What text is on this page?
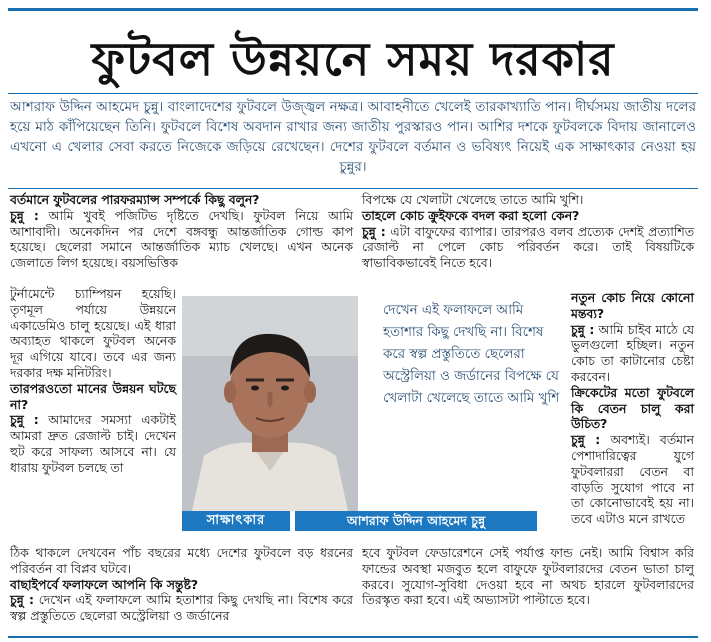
ফুটবল উন্নয়নে সময় দরকার
আশরাফ উদ্দিন আহমেদ চুন্নু। বাংলাদেশের ফুটবলে উজ্জ্বল নক্ষত্র। আবাহনীতে খেলেই তারকাখ্যাতি পান। দীর্ঘসময় জাতীয় দলের হয়ে মাঠ কাঁপিয়েছেন তিনি। ফুটবলে বিশেষ অবদান রাখার জন্য জাতীয় পুরস্কারও পান। আশির দশকে ফুটবলকে বিদায় জানালেও এখনো এ খেলার সেবা করতে নিজেকে জড়িয়ে রেখেছেন। দেশের ফুটবলে বর্তমান ও ভবিষ্যৎ নিয়েই এক সাক্ষাৎকার নেওয়া হয় চুন্নুর।

বর্তমানে ফুটবলের পারফরম্যান্স সম্পর্কে কিছু বলুন?

চুন্নু : আমি খুবই পজিটিভ দৃষ্টিতে দেখছি। ফুটবল নিয়ে আমি আশাবাদী। অনেকদিন পর দেশে বঙ্গবন্ধু আন্তর্জাতিক গোল্ড কাপ হয়েছে। ছেলেরা সমানে আন্তর্জাতিক ম্যাচ খেলছে। এখন অনেক জেলাতে লিগ হয়েছে। বয়সভিত্তিক

টুর্নামেন্টে চ্যাম্পিয়ন হয়েছি। তৃণমূল পর্যায়ে উন্নয়নে একাডেমিও চালু হয়েছে। এই ধারা অব্যাহত থাকলে ফুটবল অনেক দূর এগিয়ে যাবে। তবে এর জন্য দরকার দক্ষ মনিটরিং।

তারপরওতো মানের উন্নয়ন ঘটছে না?

চুন্নু : আমাদের সমস্যা একটাই আমরা দ্রুত রেজাল্ট চাই। দেখেন হুট করে সাফল্য আসবে না। যে ধারায় ফুটবল চলছে তা

ঠিক থাকলে দেখবেন পাঁচ বছরের মধ্যে দেশের ফুটবলে বড় ধরনের পরিবর্তন বা বিপ্লব ঘটবে।

বাছাইপর্বে ফলাফলে আপনি কি সন্তুষ্ট?

চুন্নু : দেখেন এই ফলাফলে আমি হতাশার কিছু দেখছি না। বিশেষ করে স্বল্প প্রস্তুতিতে ছেলেরা অস্ট্রেলিয়া ও জর্ডানের

বিপক্ষে যে খেলাটা খেলেছে তাতে আমি খুশি।

তাহলে কোচ ক্রুইফকে বদল করা হলো কেন?

চুন্নু : এটা বাফুফের ব্যাপার। তারপরও বলব প্রত্যেক দেশই প্রত্যাশিত রেজাল্ট না পেলে কোচ পরিবর্তন করে। তাই বিষয়টিকে স্বাভাবিকভাবেই নিতে হবে।

নতুন কোচ নিয়ে কোনো মন্তব্য?

চুন্নু : আমি চাইব মাঠে যে ভুলগুলো হচ্ছিল। নতুন কোচ তা কাটানোর চেষ্টা করবেন।

ক্রিকেটের মতো ফুটবলে কি বেতন চালু করা উচিত?

চুন্নু : অবশ্যই। বর্তমান পেশাদারিত্বের যুগে ফুটবলাররা বেতন বা বাড়তি সুযোগ পাবে না তা কোনোভাবেই হয় না। তবে এটাও মনে রাখতে

হবে ফুটবল ফেডারেশনে সেই পর্যাপ্ত ফান্ড নেই। আমি বিশ্বাস করি ফান্ডের অবস্থা মজবুত হলে বাফুফে ফুটবলারদের বেতন ভাতা চালু করবে। সুযোগ-সুবিধা দেওয়া হবে না অথচ হারলে ফুটবলারদের তিরস্কৃত করা হবে। এই অভ্যাসটা পাল্টাতে হবে।

দেখেন এই ফলাফলে আমি হতাশার কিছু দেখছি না। বিশেষ করে স্বল্প প্রস্তুতিতে ছেলেরা অস্ট্রেলিয়া ও জর্ডানের বিপক্ষে যে খেলাটা খেলেছে তাতে আমি খুশি
সাক্ষাৎকার	আশরাফ উদ্দিন আহমেদ চুন্নু
